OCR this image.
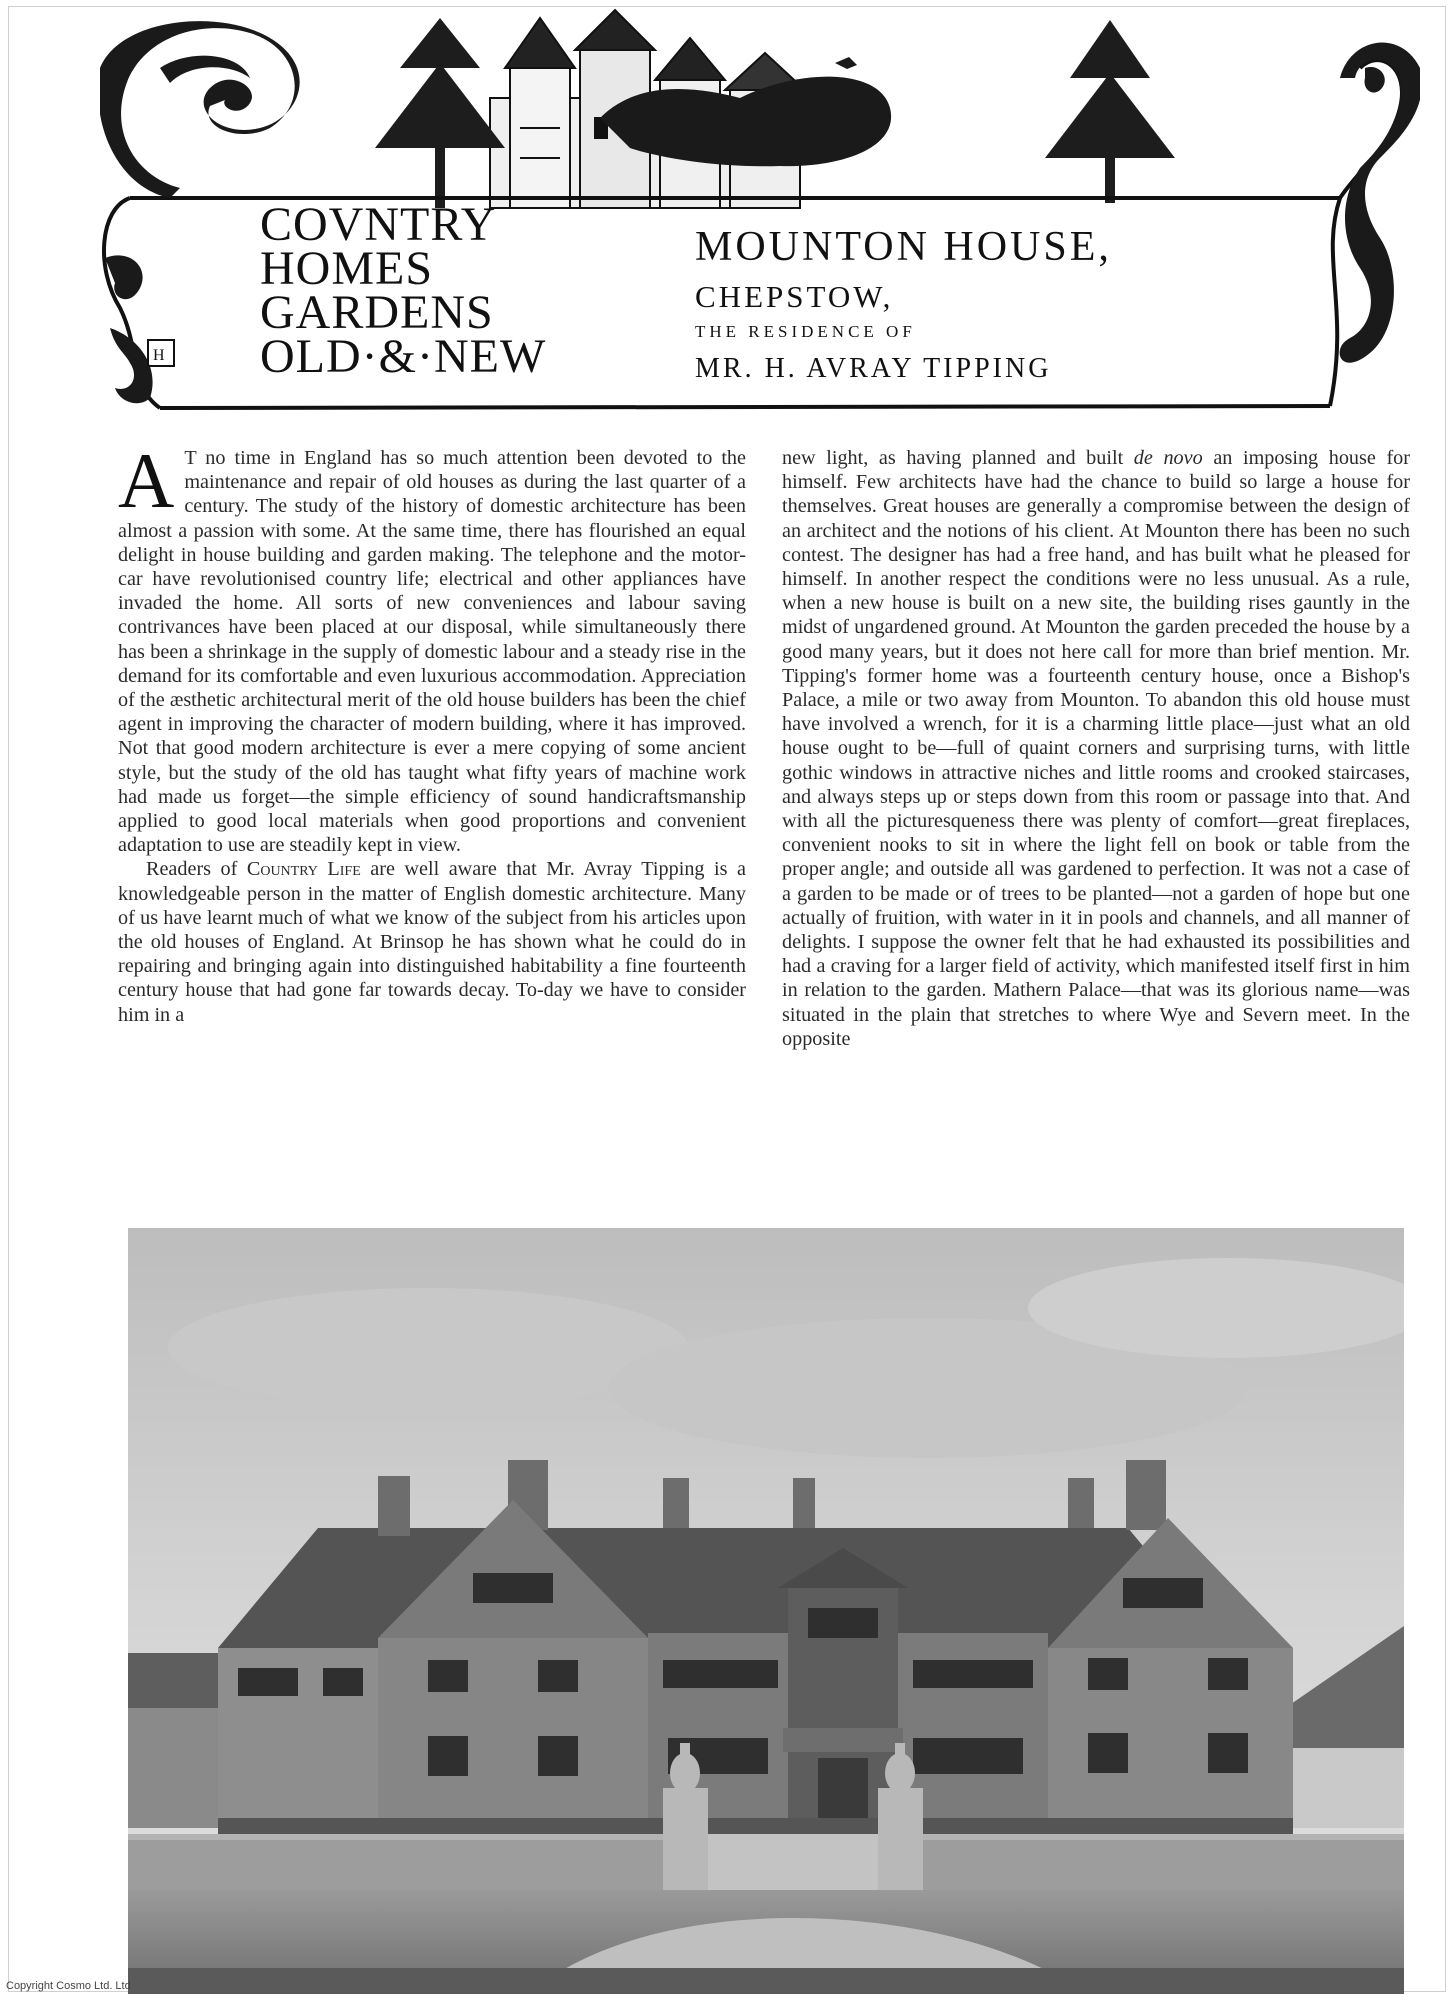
H
COVNTRY
HOMES
GARDENS
OLD·&·NEW
MOUNTON HOUSE,
CHEPSTOW,
THE RESIDENCE OF
MR. H. AVRAY TIPPING

A T no time in England has so much attention been devoted to the maintenance and repair of old houses as during the last quarter of a century. The study of the history of domestic architecture has been almost a passion with some. At the same time, there has flourished an equal delight in house building and garden making. The telephone and the motor-car have revolutionised country life; electrical and other appliances have invaded the home. All sorts of new conveniences and labour saving contrivances have been placed at our disposal, while simultaneously there has been a shrinkage in the supply of domestic labour and a steady rise in the demand for its comfortable and even luxurious accommodation. Appreciation of the æsthetic architectural merit of the old house builders has been the chief agent in improving the character of modern building, where it has improved. Not that good modern architecture is ever a mere copying of some ancient style, but the study of the old has taught what fifty years of machine work had made us forget—the simple efficiency of sound handicraftsmanship applied to good local materials when good proportions and convenient adaptation to use are steadily kept in view.

Readers of Country Life are well aware that Mr. Avray Tipping is a knowledgeable person in the matter of English domestic architecture. Many of us have learnt much of what we know of the subject from his articles upon the old houses of England. At Brinsop he has shown what he could do in repairing and bringing again into distinguished habitability a fine fourteenth century house that had gone far towards decay. To-day we have to consider him in a

new light, as having planned and built de novo an imposing house for himself. Few architects have had the chance to build so large a house for themselves. Great houses are generally a compromise between the design of an architect and the notions of his client. At Mounton there has been no such contest. The designer has had a free hand, and has built what he pleased for himself. In another respect the conditions were no less unusual. As a rule, when a new house is built on a new site, the building rises gauntly in the midst of ungardened ground. At Mounton the garden preceded the house by a good many years, but it does not here call for more than brief mention. Mr. Tipping's former home was a fourteenth century house, once a Bishop's Palace, a mile or two away from Mounton. To abandon this old house must have involved a wrench, for it is a charming little place—just what an old house ought to be—full of quaint corners and surprising turns, with little gothic windows in attractive niches and little rooms and crooked staircases, and always steps up or steps down from this room or passage into that. And with all the picturesqueness there was plenty of comfort—great fireplaces, convenient nooks to sit in where the light fell on book or table from the proper angle; and outside all was gardened to perfection. It was not a case of a garden to be made or of trees to be planted—not a garden of hope but one actually of fruition, with water in it in pools and channels, and all manner of delights. I suppose the owner felt that he had exhausted its possibilities and had a craving for a larger field of activity, which manifested itself first in him in relation to the garden. Mathern Palace—that was its glorious name—was situated in the plain that stretches to where Wye and Severn meet. In the opposite

Copyright Cosmo Ltd. Ltd
